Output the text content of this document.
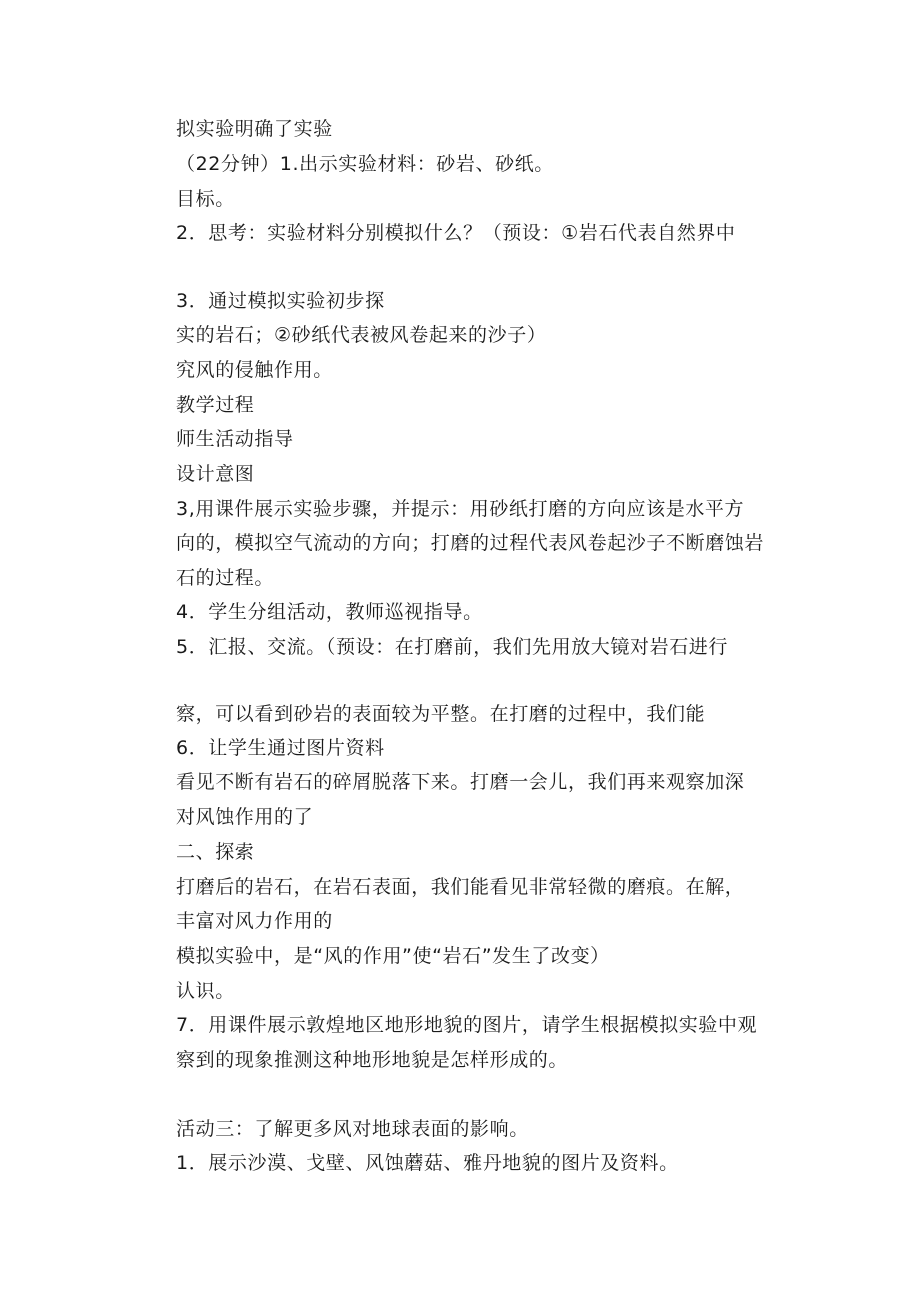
拟实验明确了实验
（22分钟）1.出示实验材料：砂岩、砂纸。
目标。
2．思考：实验材料分别模拟什么？（预设：①岩石代表自然界中
3．通过模拟实验初步探
实的岩石；②砂纸代表被风卷起来的沙子）
究风的侵触作用。
教学过程
师生活动指导
设计意图
3,用课件展示实验步骤，并提示：用砂纸打磨的方向应该是水平方
向的，模拟空气流动的方向；打磨的过程代表风卷起沙子不断磨蚀岩
石的过程。
4．学生分组活动，教师巡视指导。
5．汇报、交流。（预设：在打磨前，我们先用放大镜对岩石进行
察，可以看到砂岩的表面较为平整。在打磨的过程中，我们能
6．让学生通过图片资料
看见不断有岩石的碎屑脱落下来。打磨一会儿，我们再来观察加深
对风蚀作用的了
二、探索
打磨后的岩石，在岩石表面，我们能看见非常轻微的磨痕。在解，
丰富对风力作用的
模拟实验中，是“风的作用”使“岩石”发生了改变）
认识。
7．用课件展示敦煌地区地形地貌的图片，请学生根据模拟实验中观
察到的现象推测这种地形地貌是怎样形成的。
活动三：了解更多风对地球表面的影响。
1．展示沙漠、戈壁、风蚀蘑菇、雅丹地貌的图片及资料。
